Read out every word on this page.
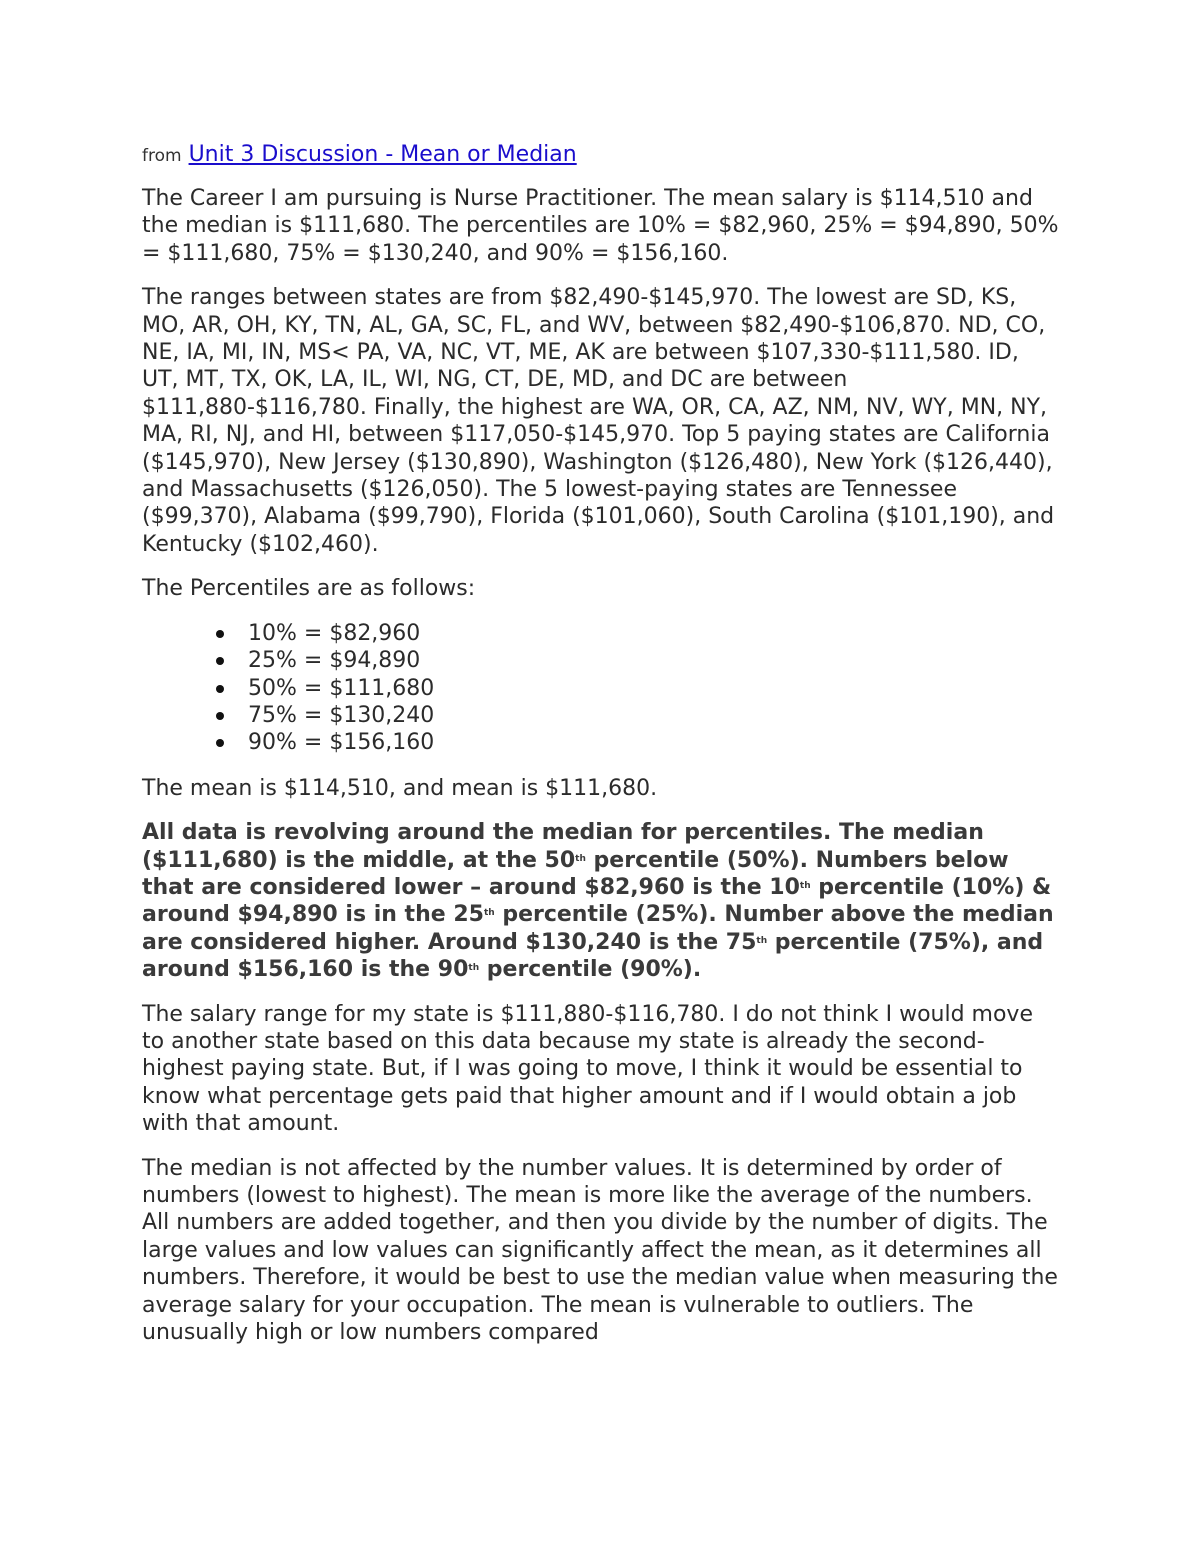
from Unit 3 Discussion - Mean or Median

The Career I am pursuing is Nurse Practitioner. The mean salary is $114,510 and the median is $111,680. The percentiles are 10% = $82,960, 25% = $94,890, 50% = $111,680, 75% = $130,240, and 90% = $156,160.

The ranges between states are from $82,490-$145,970. The lowest are SD, KS, MO, AR, OH, KY, TN, AL, GA, SC, FL, and WV, between $82,490-$106,870. ND, CO, NE, IA, MI, IN, MS< PA, VA, NC, VT, ME, AK are between $107,330-$111,580. ID, UT, MT, TX, OK, LA, IL, WI, NG, CT, DE, MD, and DC are between $111,880-$116,780. Finally, the highest are WA, OR, CA, AZ, NM, NV, WY, MN, NY, MA, RI, NJ, and HI, between $117,050-$145,970. Top 5 paying states are California ($145,970), New Jersey ($130,890), Washington ($126,480), New York ($126,440), and Massachusetts ($126,050). The 5 lowest-paying states are Tennessee ($99,370), Alabama ($99,790), Florida ($101,060), South Carolina ($101,190), and Kentucky ($102,460).

The Percentiles are as follows:

10% = $82,960
25% = $94,890
50% = $111,680
75% = $130,240
90% = $156,160

The mean is $114,510, and mean is $111,680.

All data is revolving around the median for percentiles. The median ($111,680) is the middle, at the 50th percentile (50%). Numbers below that are considered lower – around $82,960 is the 10th percentile (10%) & around $94,890 is in the 25th percentile (25%). Number above the median are considered higher. Around $130,240 is the 75th percentile (75%), and around $156,160 is the 90th percentile (90%).

The salary range for my state is $111,880-$116,780. I do not think I would move to another state based on this data because my state is already the second-highest paying state. But, if I was going to move, I think it would be essential to know what percentage gets paid that higher amount and if I would obtain a job with that amount.

The median is not affected by the number values. It is determined by order of numbers (lowest to highest). The mean is more like the average of the numbers. All numbers are added together, and then you divide by the number of digits. The large values and low values can significantly affect the mean, as it determines all numbers. Therefore, it would be best to use the median value when measuring the average salary for your occupation. The mean is vulnerable to outliers. The unusually high or low numbers compared
